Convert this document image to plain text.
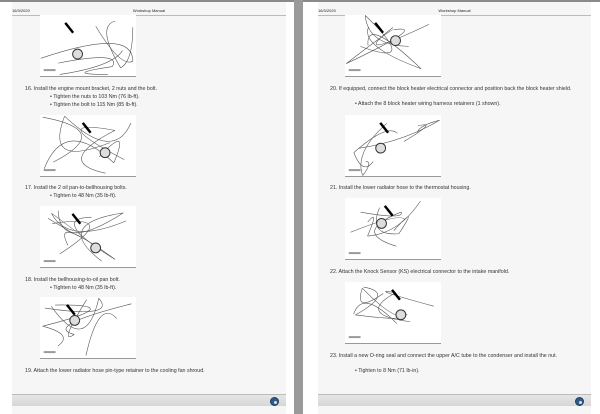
16/3/2020	Workshop Manual
16. Install the engine mount bracket, 2 nuts and the bolt.
• Tighten the nuts to 103 Nm (76 lb-ft).
• Tighten the bolt to 115 Nm (85 lb-ft).
17. Install the 2 oil pan-to-bellhousing bolts.
• Tighten to 48 Nm (35 lb-ft).
18. Install the bellhousing-to-oil pan bolt.
• Tighten to 48 Nm (35 lb-ft).
19. Attach the lower radiator hose pin-type retainer to the cooling fan shroud.
16/3/2020	Workshop Manual
20. If equipped, connect the block heater electrical connector and position back the block heater shield.
• Attach the 8 block heater wiring harness retainers (1 shown).
21. Install the lower radiator hose to the thermostat housing.
22. Attach the Knock Sensor (KS) electrical connector to the intake manifold.
23. Install a new O-ring seal and connect the upper A/C tube to the condenser and install the nut.
• Tighten to 8 Nm (71 lb-in).
